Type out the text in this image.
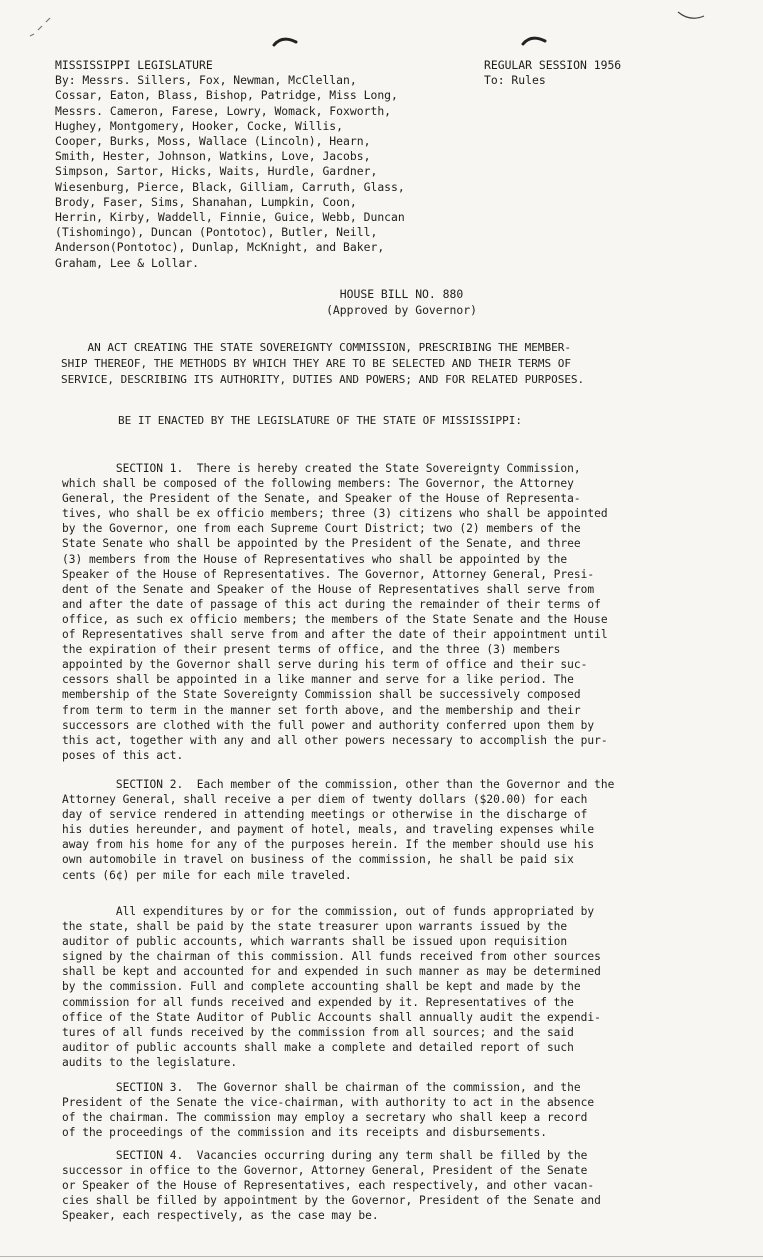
MISSISSIPPI LEGISLATURE
By: Messrs. Sillers, Fox, Newman, McClellan,
Cossar, Eaton, Blass, Bishop, Patridge, Miss Long,
Messrs. Cameron, Farese, Lowry, Womack, Foxworth,
Hughey, Montgomery, Hooker, Cocke, Willis,
Cooper, Burks, Moss, Wallace (Lincoln), Hearn,
Smith, Hester, Johnson, Watkins, Love, Jacobs,
Simpson, Sartor, Hicks, Waits, Hurdle, Gardner,
Wiesenburg, Pierce, Black, Gilliam, Carruth, Glass,
Brody, Faser, Sims, Shanahan, Lumpkin, Coon,
Herrin, Kirby, Waddell, Finnie, Guice, Webb, Duncan
(Tishomingo), Duncan (Pontotoc), Butler, Neill,
Anderson(Pontotoc), Dunlap, McKnight, and Baker,
Graham, Lee & Lollar.
REGULAR SESSION 1956
To: Rules
HOUSE BILL NO. 880
(Approved by Governor)
AN ACT CREATING THE STATE SOVEREIGNTY COMMISSION, PRESCRIBING THE MEMBER-
SHIP THEREOF, THE METHODS BY WHICH THEY ARE TO BE SELECTED AND THEIR TERMS OF
SERVICE, DESCRIBING ITS AUTHORITY, DUTIES AND POWERS; AND FOR RELATED PURPOSES.
BE IT ENACTED BY THE LEGISLATURE OF THE STATE OF MISSISSIPPI:
SECTION 1.  There is hereby created the State Sovereignty Commission,
which shall be composed of the following members: The Governor, the Attorney
General, the President of the Senate, and Speaker of the House of Representa-
tives, who shall be ex officio members; three (3) citizens who shall be appointed
by the Governor, one from each Supreme Court District; two (2) members of the
State Senate who shall be appointed by the President of the Senate, and three
(3) members from the House of Representatives who shall be appointed by the
Speaker of the House of Representatives. The Governor, Attorney General, Presi-
dent of the Senate and Speaker of the House of Representatives shall serve from
and after the date of passage of this act during the remainder of their terms of
office, as such ex officio members; the members of the State Senate and the House
of Representatives shall serve from and after the date of their appointment until
the expiration of their present terms of office, and the three (3) members
appointed by the Governor shall serve during his term of office and their suc-
cessors shall be appointed in a like manner and serve for a like period. The
membership of the State Sovereignty Commission shall be successively composed
from term to term in the manner set forth above, and the membership and their
successors are clothed with the full power and authority conferred upon them by
this act, together with any and all other powers necessary to accomplish the pur-
poses of this act.
SECTION 2.  Each member of the commission, other than the Governor and the
Attorney General, shall receive a per diem of twenty dollars ($20.00) for each
day of service rendered in attending meetings or otherwise in the discharge of
his duties hereunder, and payment of hotel, meals, and traveling expenses while
away from his home for any of the purposes herein. If the member should use his
own automobile in travel on business of the commission, he shall be paid six
cents (6¢) per mile for each mile traveled.
All expenditures by or for the commission, out of funds appropriated by
the state, shall be paid by the state treasurer upon warrants issued by the
auditor of public accounts, which warrants shall be issued upon requisition
signed by the chairman of this commission. All funds received from other sources
shall be kept and accounted for and expended in such manner as may be determined
by the commission. Full and complete accounting shall be kept and made by the
commission for all funds received and expended by it. Representatives of the
office of the State Auditor of Public Accounts shall annually audit the expendi-
tures of all funds received by the commission from all sources; and the said
auditor of public accounts shall make a complete and detailed report of such
audits to the legislature.
SECTION 3.  The Governor shall be chairman of the commission, and the
President of the Senate the vice-chairman, with authority to act in the absence
of the chairman. The commission may employ a secretary who shall keep a record
of the proceedings of the commission and its receipts and disbursements.
SECTION 4.  Vacancies occurring during any term shall be filled by the
successor in office to the Governor, Attorney General, President of the Senate
or Speaker of the House of Representatives, each respectively, and other vacan-
cies shall be filled by appointment by the Governor, President of the Senate and
Speaker, each respectively, as the case may be.
